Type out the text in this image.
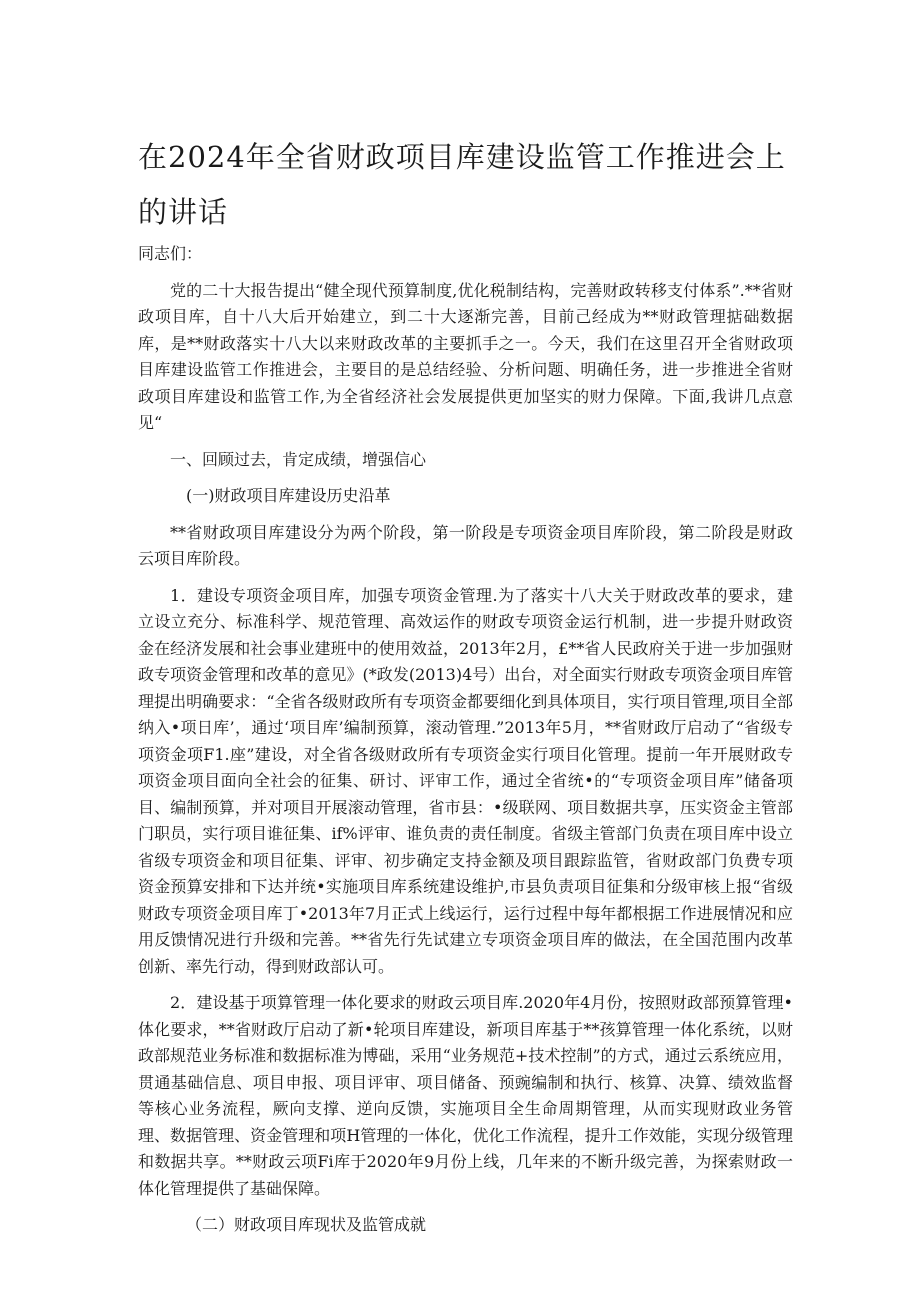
在2024年全省财政项目库建设监管工作推进会上的讲话

同志们：

党的二十大报告提出“健全现代预算制度,优化税制结构，完善财政转移支付体系”.**省财政项目库，自十八大后开始建立，到二十大逐渐完善，目前己经成为**财政管理掂础数据库，是**财政落实十八大以来财政改革的主要抓手之一。今天，我们在这里召开全省财政项目库建设监管工作推进会，主要目的是总结经验、分析问题、明确任务，进一步推进全省财政项目库建设和监管工作,为全省经济社会发展提供更加坚实的财力保障。下面,我讲几点意见“

一、回顾过去，肯定成绩，增强信心

(一)财政项目库建设历史沿革

**省财政项目库建设分为两个阶段，第一阶段是专项资金项目库阶段，第二阶段是财政云项目库阶段。

1．建设专项资金项目库，加强专项资金管理.为了落实十八大关于财政改革的要求，建立设立充分、标准科学、规范管理、高效运作的财政专项资金运行机制，进一步提升财政资金在经济发展和社会事业建班中的使用效益，2013年2月，£**省人民政府关于进一步加强财政专项资金管理和改革的意见》(*政发(2013)4号）出台，对全面实行财政专项资金项目库管理提出明确要求：“全省各级财政所有专项资金都要细化到具体项目，实行项目管理,项目全部纳入•项日库’，通过‘项目库’编制预算，滚动管理.”2013年5月，**省财政厅启动了“省级专项资金项F1.座”建设，对全省各级财政所有专项资金实行项目化管理。提前一年开展财政专项资金项目面向全社会的征集、研讨、评审工作，通过全省统•的“专项资金项目库”储备项目、编制预算，并对项目开展滚动管理，省市县：•级联网、项目数据共享，压实资金主管部门职员，实行项目谁征集、if%评审、谁负责的责任制度。省级主管部门负责在项目库中设立省级专项资金和项目征集、评审、初步确定支持金额及项目跟踪监管，省财政部门负费专项资金预算安排和下达并统•实施项目库系统建设维护,市县负责项目征集和分级审核上报“省级财政专项资金项目库丁•2013年7月正式上线运行，运行过程中每年都根据工作进展情况和应用反馈情况进行升级和完善。**省先行先试建立专项资金项目库的做法，在全国范围内改革创新、率先行动，得到财政部认可。

2．建设基于项算管理一体化要求的财政云项目库.2020年4月份，按照财政部预算管理•体化要求，**省财政厅启动了新•轮项目库建设，新项目库基于**孩算管理一体化系统，以财政部规范业务标准和数据标准为博础，采用“业务规范+技术控制”的方式，通过云系统应用，贯通基础信息、项目申报、项目评审、项目储备、预豌编制和执行、核算、决算、绩效监督等核心业务流程，厥向支撑、逆向反馈，实施项目全生命周期管理，从而实现财政业务管理、数据管理、资金管理和项H管理的一体化，优化工作流程，提升工作效能，实现分级管理和数据共享。**财政云项Fi库于2020年9月份上线，几年来的不断升级完善，为探索财政一体化管理提供了基础保障。

（二）财政项目库现状及监管成就
